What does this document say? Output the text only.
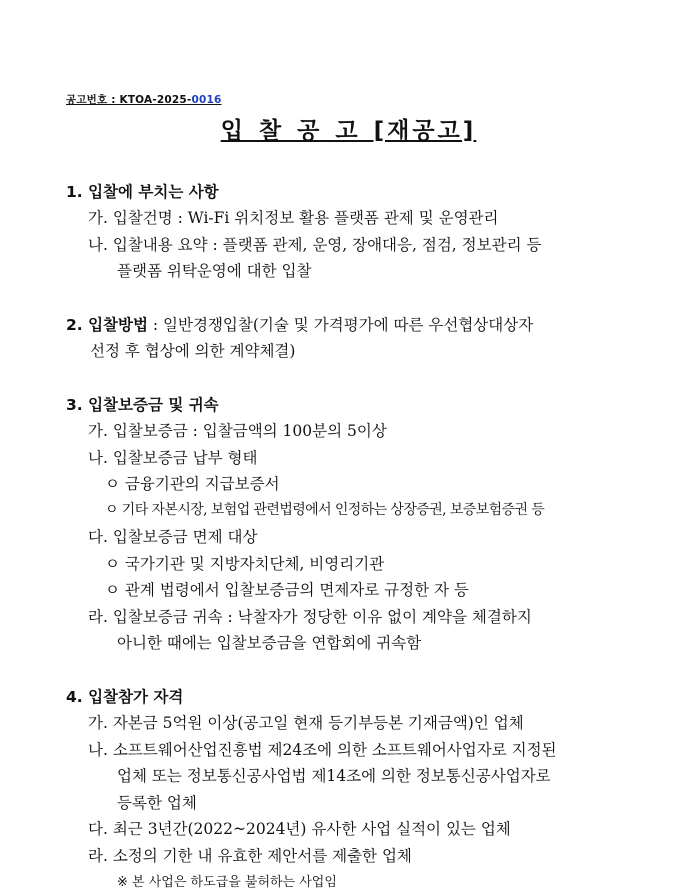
공고번호 : KTOA-2025-0016
입 찰 공 고 [재공고]
1. 입찰에 부치는 사항
가. 입찰건명 : Wi-Fi 위치정보 활용 플랫폼 관제 및 운영관리
나. 입찰내용 요약 : 플랫폼 관제, 운영, 장애대응, 점검, 정보관리 등
플랫폼 위탁운영에 대한 입찰
2. 입찰방법 : 일반경쟁입찰(기술 및 가격평가에 따른 우선협상대상자
선정 후 협상에 의한 계약체결)
3. 입찰보증금 및 귀속
가. 입찰보증금 : 입찰금액의 100분의 5이상
나. 입찰보증금 납부 형태
ㅇ 금융기관의 지급보증서
ㅇ 기타 자본시장, 보험업 관련법령에서 인정하는 상장증권, 보증보험증권 등
다. 입찰보증금 면제 대상
ㅇ 국가기관 및 지방자치단체, 비영리기관
ㅇ 관계 법령에서 입찰보증금의 면제자로 규정한 자 등
라. 입찰보증금 귀속 : 낙찰자가 정당한 이유 없이 계약을 체결하지
아니한 때에는 입찰보증금을 연합회에 귀속함
4. 입찰참가 자격
가. 자본금 5억원 이상(공고일 현재 등기부등본 기재금액)인 업체
나. 소프트웨어산업진흥법 제24조에 의한 소프트웨어사업자로 지정된
업체 또는 정보통신공사업법 제14조에 의한 정보통신공사업자로
등록한 업체
다. 최근 3년간(2022~2024년) 유사한 사업 실적이 있는 업체
라. 소정의 기한 내 유효한 제안서를 제출한 업체
※ 본 사업은 하도급을 불허하는 사업임
